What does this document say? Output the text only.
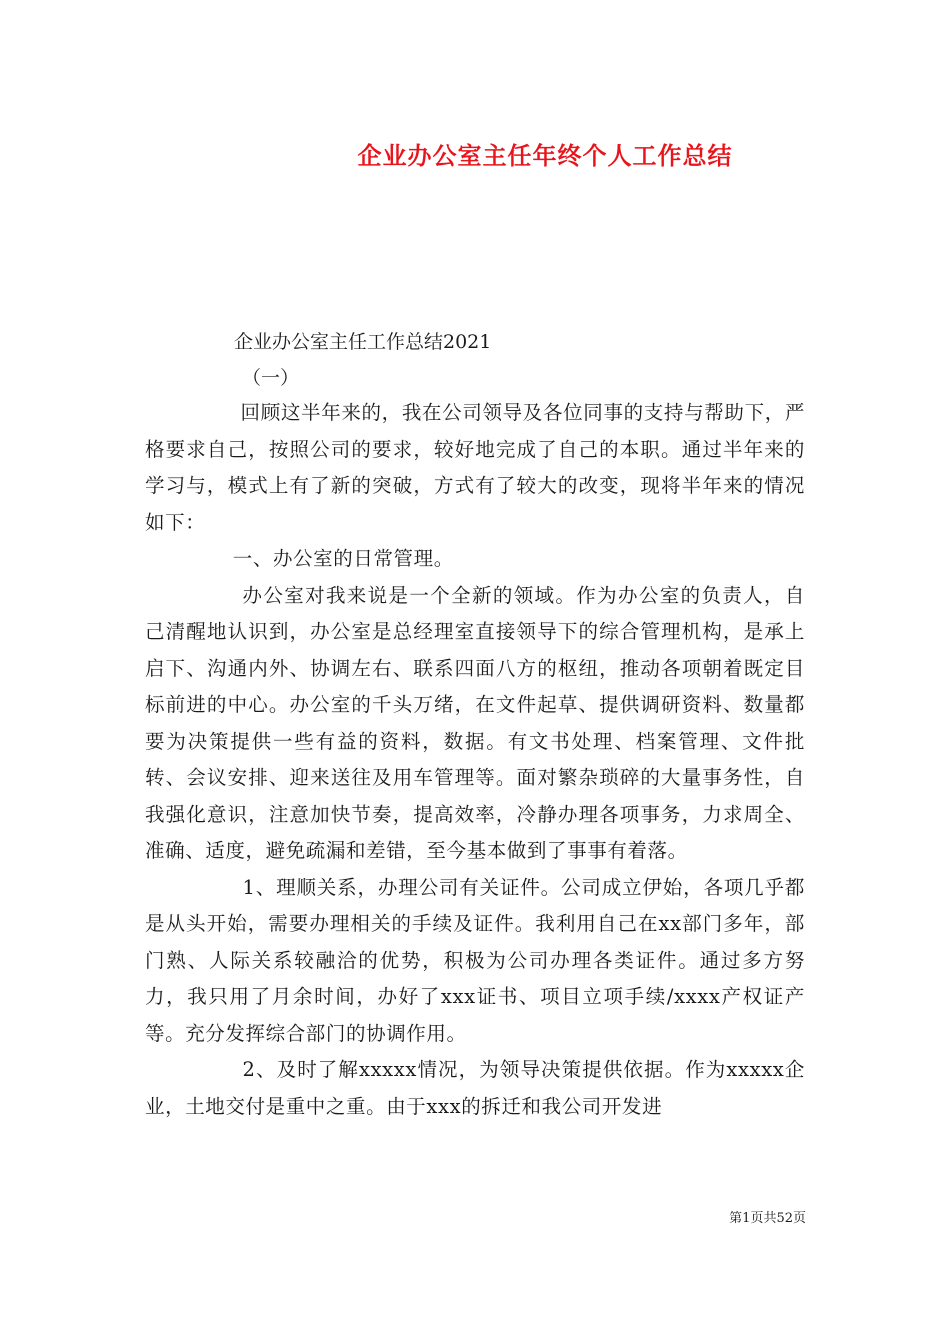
企业办公室主任年终个人工作总结
企业办公室主任工作总结2021
（一）

回顾这半年来的，我在公司领导及各位同事的支持与帮助下，严格要求自己，按照公司的要求，较好地完成了自己的本职。通过半年来的学习与，模式上有了新的突破，方式有了较大的改变，现将半年来的情况如下：

一、办公室的日常管理。

办公室对我来说是一个全新的领域。作为办公室的负责人，自己清醒地认识到，办公室是总经理室直接领导下的综合管理机构，是承上启下、沟通内外、协调左右、联系四面八方的枢纽，推动各项朝着既定目标前进的中心。办公室的千头万绪，在文件起草、提供调研资料、数量都要为决策提供一些有益的资料，数据。有文书处理、档案管理、文件批转、会议安排、迎来送往及用车管理等。面对繁杂琐碎的大量事务性，自我强化意识，注意加快节奏，提高效率，冷静办理各项事务，力求周全、准确、适度，避免疏漏和差错，至今基本做到了事事有着落。

1、理顺关系，办理公司有关证件。公司成立伊始，各项几乎都是从头开始，需要办理相关的手续及证件。我利用自己在xx部门多年，部门熟、人际关系较融洽的优势，积极为公司办理各类证件。通过多方努力，我只用了月余时间，办好了xxx证书、项目立项手续/xxxx产权证产等。充分发挥综合部门的协调作用。

2、及时了解xxxxx情况，为领导决策提供依据。作为xxxxx企业，土地交付是重中之重。由于xxx的拆迁和我公司开发进

第1页共52页
